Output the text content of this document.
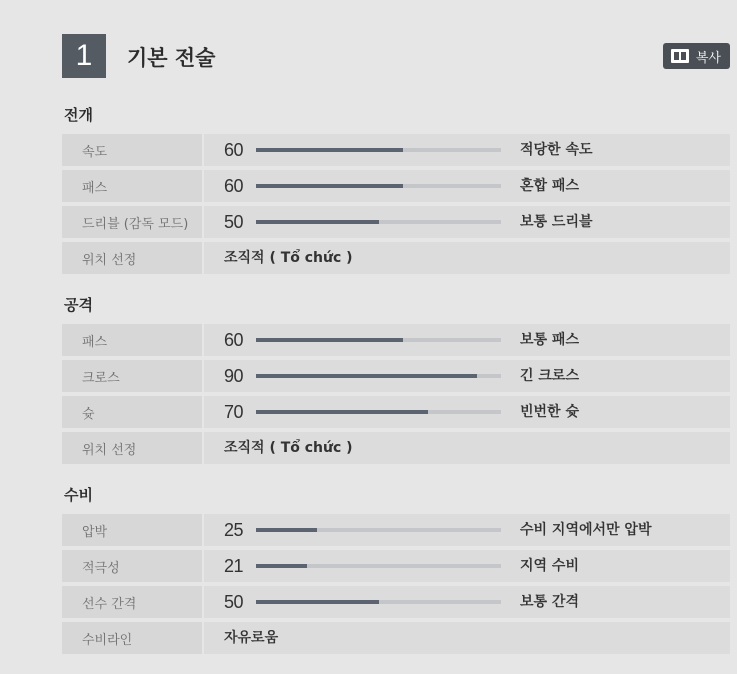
1	기본 전술	복사
전개
속도	60	적당한 속도
패스	60	혼합 패스
드리블 (감독 모드)	50	보통 드리블
위치 선정	조직적 ( Tổ chức )
공격
패스	60	보통 패스
크로스	90	긴 크로스
슛	70	빈번한 슛
위치 선정	조직적 ( Tổ chức )
수비
압박	25	수비 지역에서만 압박
적극성	21	지역 수비
선수 간격	50	보통 간격
수비라인	자유로움
